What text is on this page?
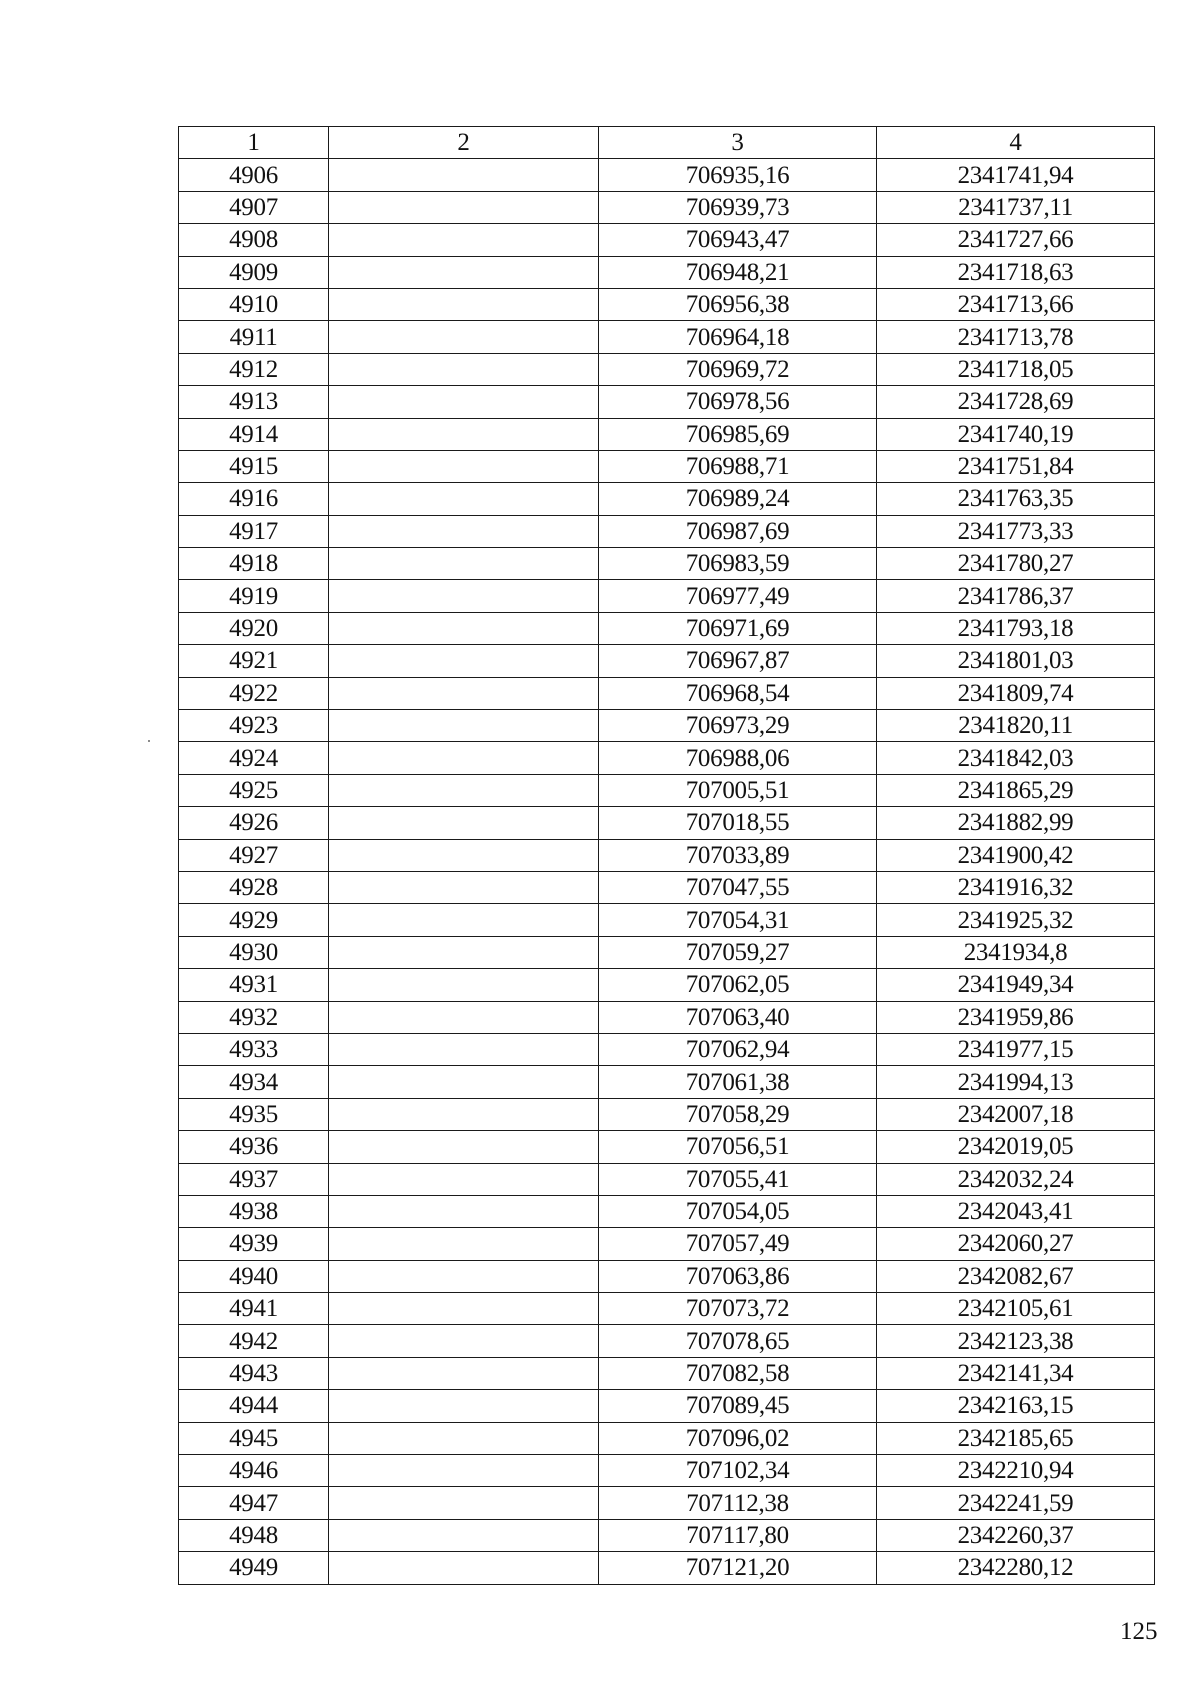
1	2	3	4
4906		706935,16	2341741,94
4907		706939,73	2341737,11
4908		706943,47	2341727,66
4909		706948,21	2341718,63
4910		706956,38	2341713,66
4911		706964,18	2341713,78
4912		706969,72	2341718,05
4913		706978,56	2341728,69
4914		706985,69	2341740,19
4915		706988,71	2341751,84
4916		706989,24	2341763,35
4917		706987,69	2341773,33
4918		706983,59	2341780,27
4919		706977,49	2341786,37
4920		706971,69	2341793,18
4921		706967,87	2341801,03
4922		706968,54	2341809,74
4923		706973,29	2341820,11
4924		706988,06	2341842,03
4925		707005,51	2341865,29
4926		707018,55	2341882,99
4927		707033,89	2341900,42
4928		707047,55	2341916,32
4929		707054,31	2341925,32
4930		707059,27	2341934,8
4931		707062,05	2341949,34
4932		707063,40	2341959,86
4933		707062,94	2341977,15
4934		707061,38	2341994,13
4935		707058,29	2342007,18
4936		707056,51	2342019,05
4937		707055,41	2342032,24
4938		707054,05	2342043,41
4939		707057,49	2342060,27
4940		707063,86	2342082,67
4941		707073,72	2342105,61
4942		707078,65	2342123,38
4943		707082,58	2342141,34
4944		707089,45	2342163,15
4945		707096,02	2342185,65
4946		707102,34	2342210,94
4947		707112,38	2342241,59
4948		707117,80	2342260,37
4949		707121,20	2342280,12
125
